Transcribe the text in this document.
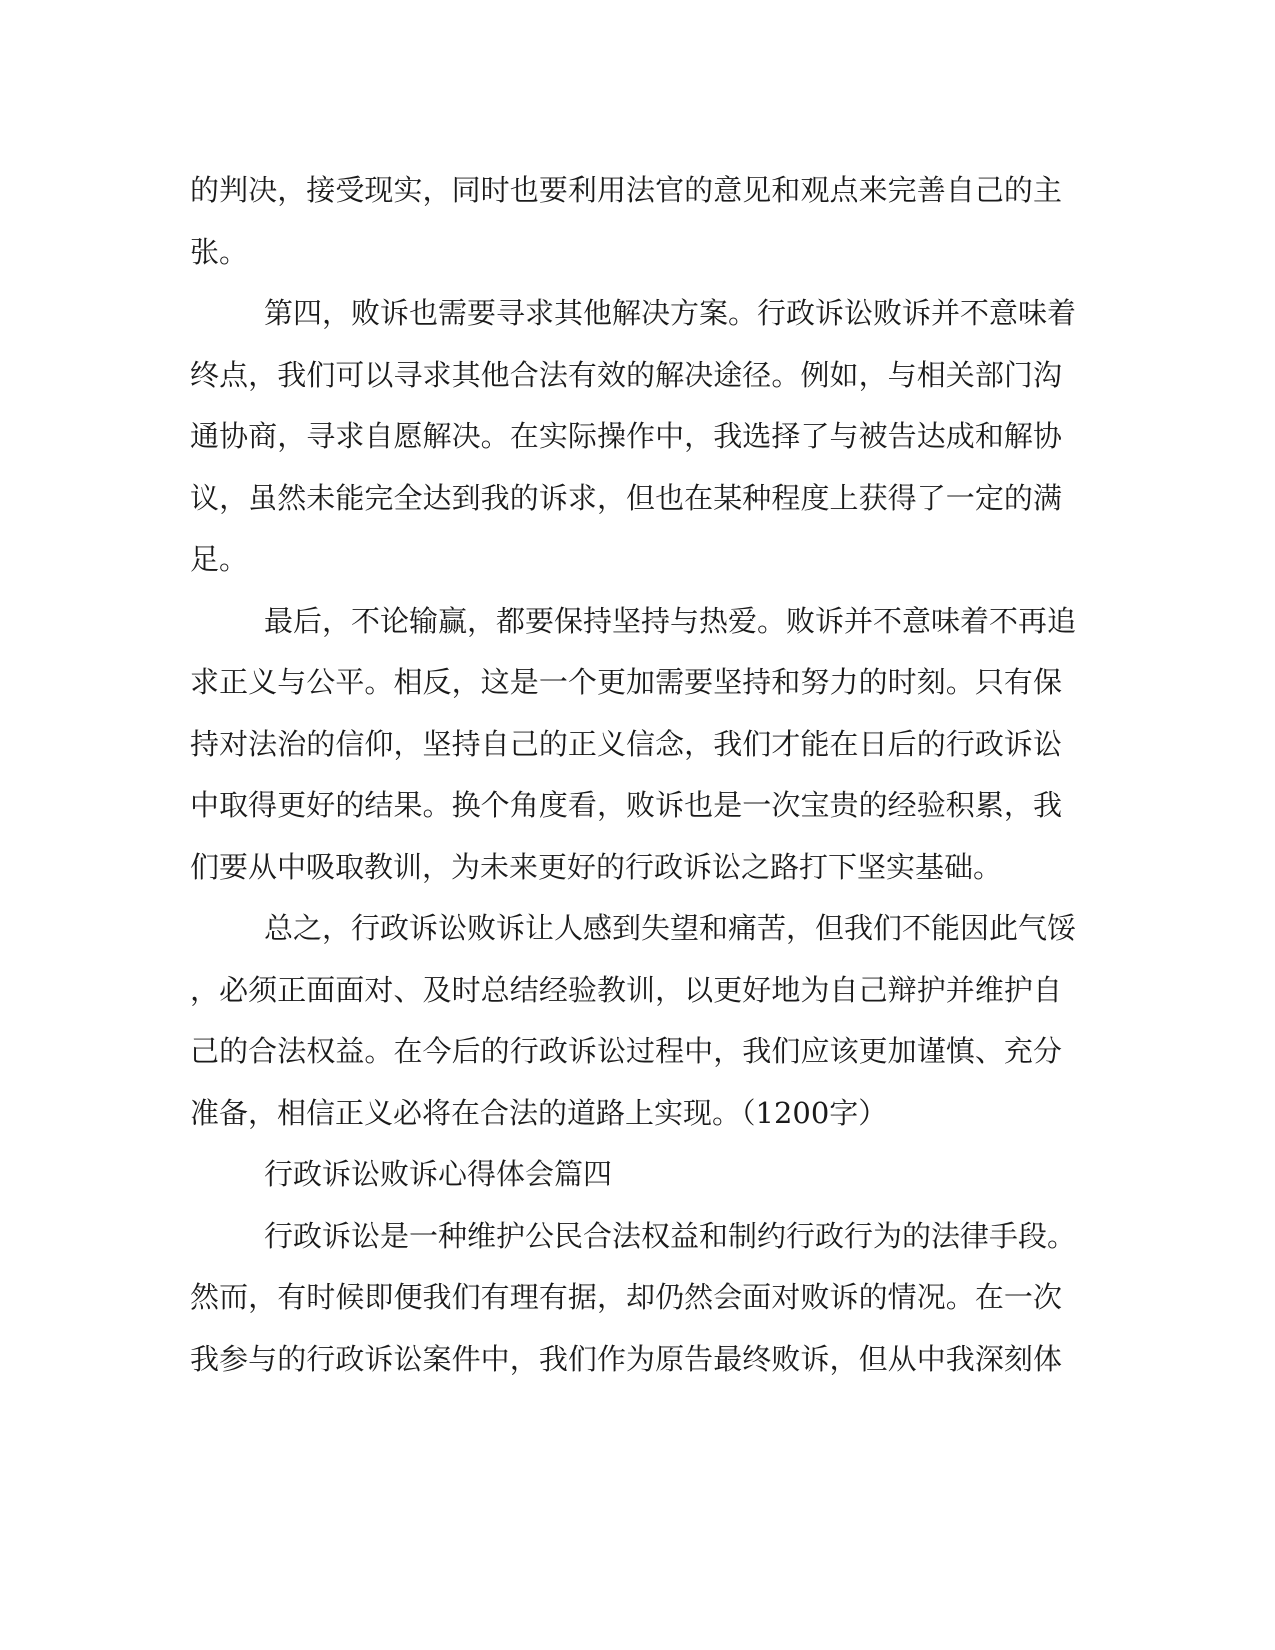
的判决，接受现实，同时也要利用法官的意见和观点来完善自己的主
张。
第四，败诉也需要寻求其他解决方案。行政诉讼败诉并不意味着
终点，我们可以寻求其他合法有效的解决途径。例如，与相关部门沟
通协商，寻求自愿解决。在实际操作中，我选择了与被告达成和解协
议，虽然未能完全达到我的诉求，但也在某种程度上获得了一定的满
足。
最后，不论输赢，都要保持坚持与热爱。败诉并不意味着不再追
求正义与公平。相反，这是一个更加需要坚持和努力的时刻。只有保
持对法治的信仰，坚持自己的正义信念，我们才能在日后的行政诉讼
中取得更好的结果。换个角度看，败诉也是一次宝贵的经验积累，我
们要从中吸取教训，为未来更好的行政诉讼之路打下坚实基础。
总之，行政诉讼败诉让人感到失望和痛苦，但我们不能因此气馁
，必须正面面对、及时总结经验教训，以更好地为自己辩护并维护自
己的合法权益。在今后的行政诉讼过程中，我们应该更加谨慎、充分
准备，相信正义必将在合法的道路上实现。（1200字）
行政诉讼败诉心得体会篇四
行政诉讼是一种维护公民合法权益和制约行政行为的法律手段。
然而，有时候即便我们有理有据，却仍然会面对败诉的情况。在一次
我参与的行政诉讼案件中，我们作为原告最终败诉，但从中我深刻体
